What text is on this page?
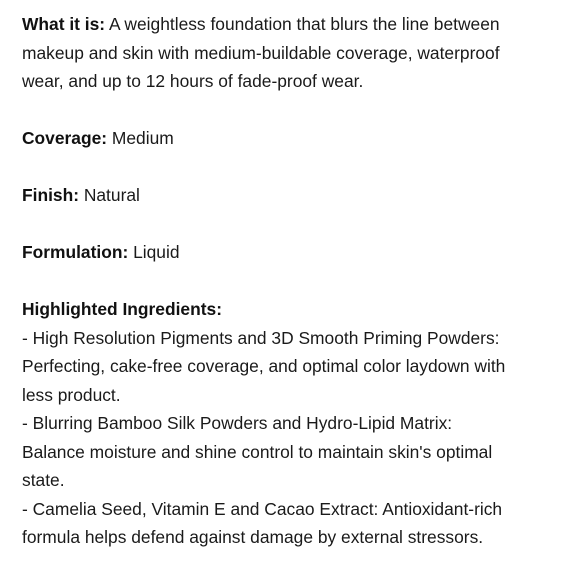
What it is: A weightless foundation that blurs the line between
makeup and skin with medium-buildable coverage, waterproof
wear, and up to 12 hours of fade-proof wear.
Coverage: Medium
Finish: Natural
Formulation: Liquid
Highlighted Ingredients:
- High Resolution Pigments and 3D Smooth Priming Powders:
Perfecting, cake-free coverage, and optimal color laydown with
less product.
- Blurring Bamboo Silk Powders and Hydro-Lipid Matrix:
Balance moisture and shine control to maintain skin's optimal
state.
- Camelia Seed, Vitamin E and Cacao Extract: Antioxidant-rich
formula helps defend against damage by external stressors.
